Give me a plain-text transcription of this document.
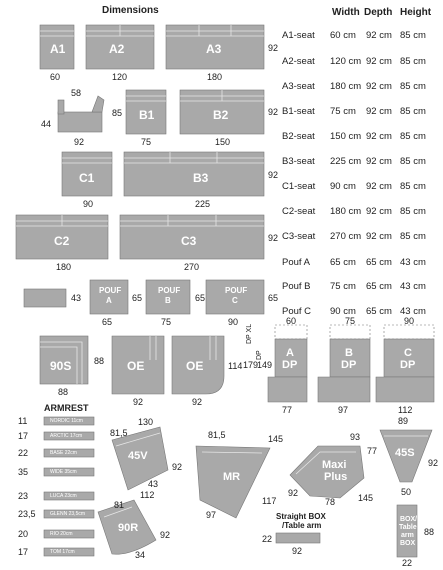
Dimensions	Width Depth Height
A1-seat 60 cm 92 cm 85 cm
A2-seat 120 cm 92 cm 85 cm
A3-seat 180 cm 92 cm 85 cm
B1-seat 75 cm 92 cm 85 cm
B2-seat 150 cm 92 cm 85 cm
B3-seat 225 cm 92 cm 85 cm
C1-seat 90 cm 92 cm 85 cm
C2-seat 180 cm 92 cm 85 cm
C3-seat 270 cm 92 cm 85 cm
Pouf A 65 cm 65 cm 43 cm
Pouf B 75 cm 65 cm 43 cm
Pouf C 90 cm 65 cm 43 cm
A1
60
A2
120
A3
180
92
58
44
92
85 B1
75
B2
150
92
C1
90
B3
225
92
C2
180
C3
270
92
43
POUF
A
65
65
POUF
B
75
65
POUF
C
90
65
90S
88
88 OE
92
OE
92
114
DP XL
DP
179
149
60
A
DP
77
75
B
DP
97
90
C
DP
112
ARMREST
11	NORDIC 11cm
17	ARCTIC 17cm
22	BASE 22cm
35	WIDE 35cm
23	LUCA 23cm
23,5	GLENN 23,5cm
20	RIO 20cm
17	TOM 17cm
130
81,5
45V
92
43
81,5	145
MR
117
97
93
77
Maxi
Plus
145
78
92
89
45S
92
50
81
112
90R
92
34
Straight BOX
/Table arm
22
92
BOX/
Table
arm
BOX
22
88
